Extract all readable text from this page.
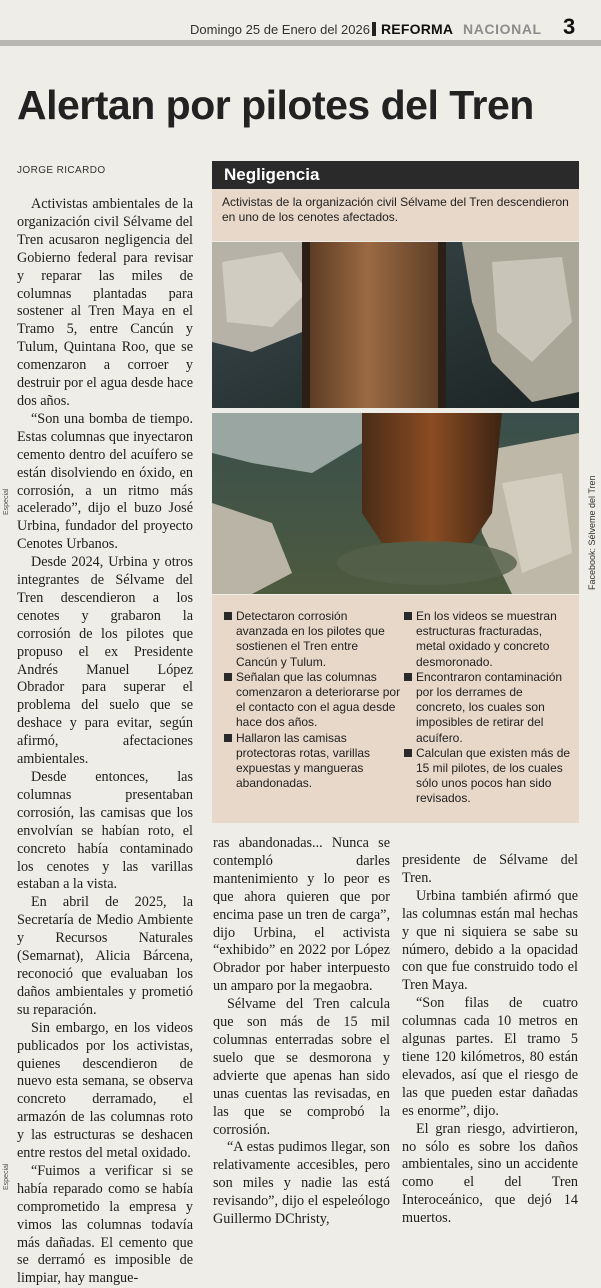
Domingo 25 de Enero del 2026 REFORMA NACIONAL 3
Alertan por pilotes del Tren
JORGE RICARDO
Especial
Especial

Activistas ambientales de la organización civil Sélvame del Tren acusaron negligencia del Gobierno federal para revisar y reparar las miles de columnas plantadas para sostener al Tren Maya en el Tramo 5, entre Cancún y Tulum, Quintana Roo, que se comenzaron a corroer y destruir por el agua desde hace dos años.

“Son una bomba de tiempo. Estas columnas que inyectaron cemento dentro del acuífero se están disolviendo en óxido, en corrosión, a un ritmo más acelerado”, dijo el buzo José Urbina, fundador del proyecto Cenotes Urbanos.

Desde 2024, Urbina y otros integrantes de Sélvame del Tren descendieron a los cenotes y grabaron la corrosión de los pilotes que propuso el ex Presidente Andrés Manuel López Obrador para superar el problema del suelo que se deshace y para evitar, según afirmó, afectaciones ambientales.

Desde entonces, las columnas presentaban corrosión, las camisas que los envolvían se habían roto, el concreto había contaminado los cenotes y las varillas estaban a la vista.

En abril de 2025, la Secretaría de Medio Ambiente y Recursos Naturales (Semarnat), Alicia Bárcena, reconoció que evaluaban los daños ambientales y prometió su reparación.

Sin embargo, en los videos publicados por los activistas, quienes descendieron de nuevo esta semana, se observa concreto derramado, el armazón de las columnas roto y las estructuras se deshacen entre restos del metal oxidado.

“Fuimos a verificar si se había reparado como se había comprometido la empresa y vimos las columnas todavía más dañadas. El cemento que se derramó es imposible de limpiar, hay mangue-

ras abandonadas... Nunca se contempló darles mantenimiento y lo peor es que ahora quieren que por encima pase un tren de carga”, dijo Urbina, el activista “exhibido” en 2022 por López Obrador por haber interpuesto un amparo por la megaobra.

Sélvame del Tren calcula que son más de 15 mil columnas enterradas sobre el suelo que se desmorona y advierte que apenas han sido unas cuentas las revisadas, en las que se comprobó la corrosión.

“A estas pudimos llegar, son relativamente accesibles, pero son miles y nadie las está revisando”, dijo el espeleólogo Guillermo DChristy,

presidente de Sélvame del Tren.

Urbina también afirmó que las columnas están mal hechas y que ni siquiera se sabe su número, debido a la opacidad con que fue construido todo el Tren Maya.

“Son filas de cuatro columnas cada 10 metros en algunas partes. El tramo 5 tiene 120 kilómetros, 80 están elevados, así que el riesgo de las que pueden estar dañadas es enorme”, dijo.

El gran riesgo, advirtieron, no sólo es sobre los daños ambientales, sino un accidente como el del Tren Interoceánico, que dejó 14 muertos.

Negligencia
Activistas de la organización civil Sélvame del Tren descendieron en uno de los cenotes afectados.
Detectaron corrosión avanzada en los pilotes que sostienen el Tren entre Cancún y Tulum.
Señalan que las columnas comenzaron a deteriorarse por el contacto con el agua desde hace dos años.
Hallaron las camisas protectoras rotas, varillas expuestas y mangueras abandonadas.
En los videos se muestran estructuras fracturadas, metal oxidado y concreto desmoronado.
Encontraron contaminación por los derrames de concreto, los cuales son imposibles de retirar del acuífero.
Calculan que existen más de 15 mil pilotes, de los cuales sólo unos pocos han sido revisados.
Facebook: Sélveme del Tren
